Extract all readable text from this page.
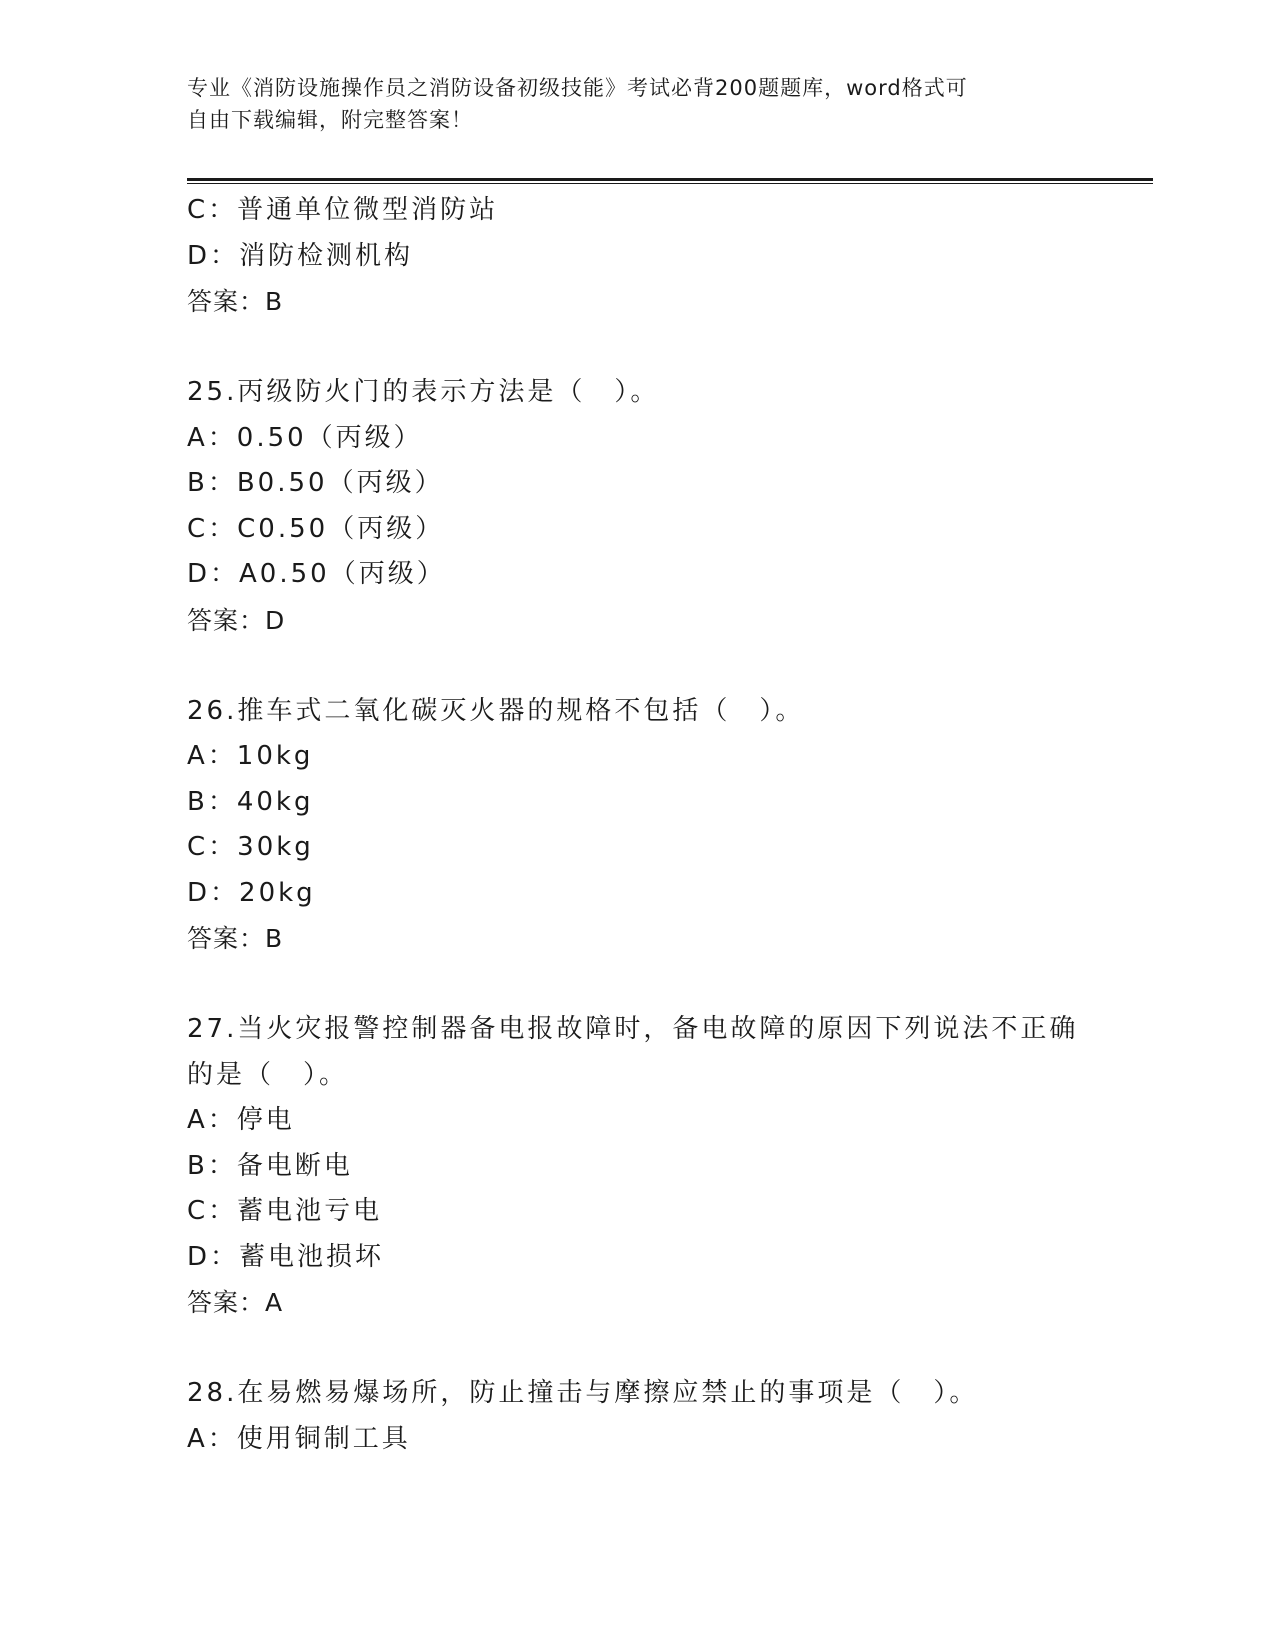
专业《消防设施操作员之消防设备初级技能》考试必背200题题库，word格式可
自由下载编辑，附完整答案！
C：普通单位微型消防站
D：消防检测机构
答案：B
25.丙级防火门的表示方法是（　）。
A：0.50（丙级）
B：B0.50（丙级）
C：C0.50（丙级）
D：A0.50（丙级）
答案：D
26.推车式二氧化碳灭火器的规格不包括（　）。
A：10kg
B：40kg
C：30kg
D：20kg
答案：B
27.当火灾报警控制器备电报故障时，备电故障的原因下列说法不正确
的是（　）。
A：停电
B：备电断电
C：蓄电池亏电
D：蓄电池损坏
答案：A
28.在易燃易爆场所，防止撞击与摩擦应禁止的事项是（　）。
A：使用铜制工具
